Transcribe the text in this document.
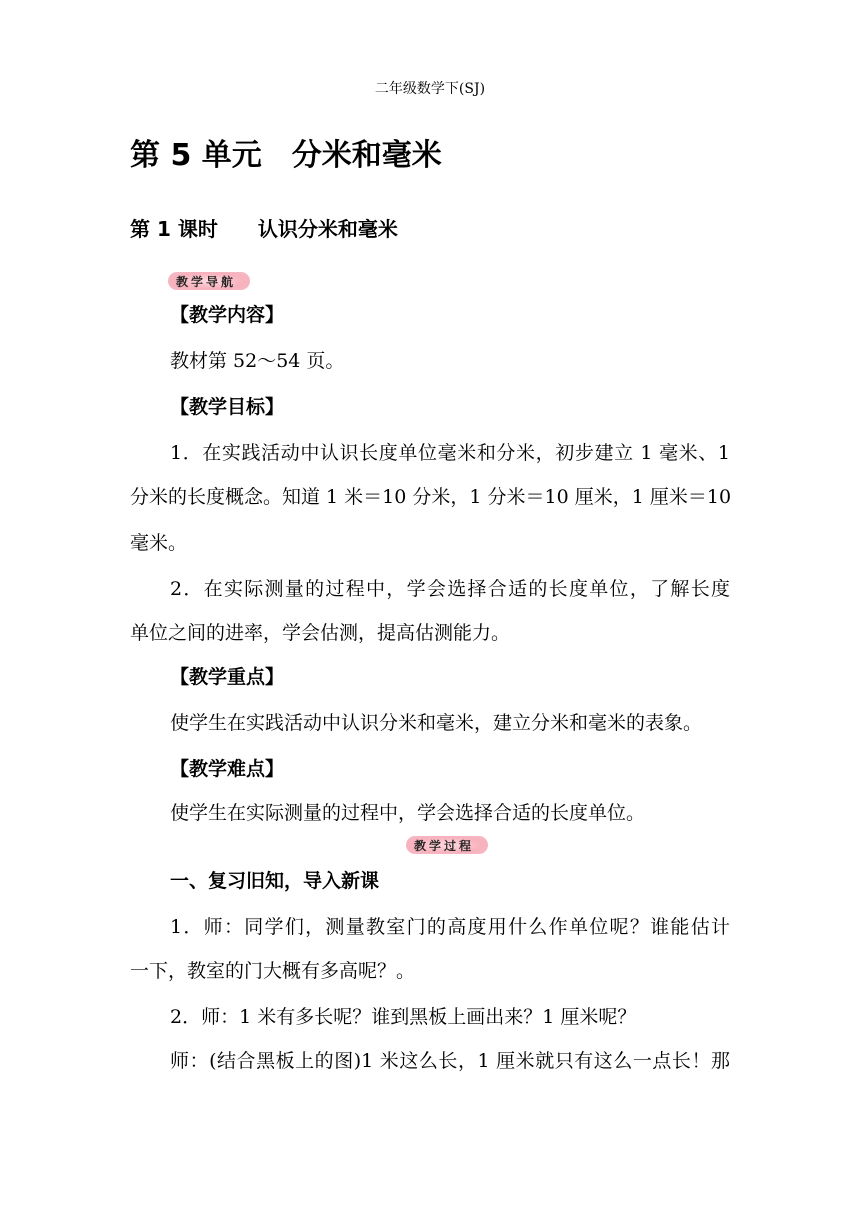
二年级数学下(SJ)
第 5 单元　分米和毫米
第 1 课时　　认识分米和毫米
教学导航
【教学内容】
教材第 52～54 页。
【教学目标】
1．在实践活动中认识长度单位毫米和分米，初步建立 1 毫米、1
分米的长度概念。知道 1 米＝10 分米，1 分米＝10 厘米，1 厘米＝10
毫米。
2．在实际测量的过程中，学会选择合适的长度单位，了解长度
单位之间的进率，学会估测，提高估测能力。
【教学重点】
使学生在实践活动中认识分米和毫米，建立分米和毫米的表象。
【教学难点】
使学生在实际测量的过程中，学会选择合适的长度单位。
教学过程
一、复习旧知，导入新课
1．师：同学们，测量教室门的高度用什么作单位呢？谁能估计
一下，教室的门大概有多高呢？。
2．师：1 米有多长呢？谁到黑板上画出来？1 厘米呢？
师：(结合黑板上的图)1 米这么长，1 厘米就只有这么一点长！那
